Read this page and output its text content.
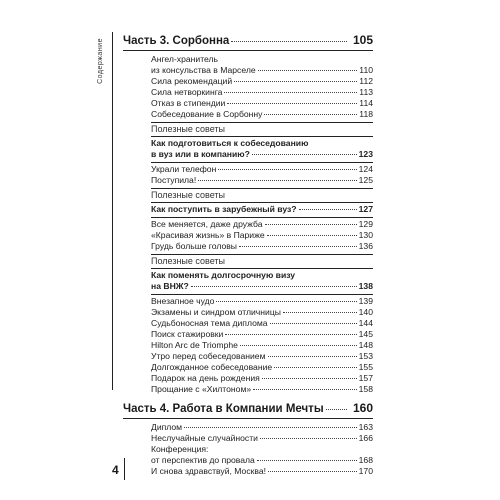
Содержание Часть 3. Сорбонна	105
Ангел-хранитель
из консульства в Марселе	110
Сила рекомендаций	112
Сила нетворкинга	113
Отказ в стипендии	114
Собеседование в Сорбонну	118
Полезные советы
Как подготовиться к собеседованию
в вуз или в компанию?	123
Украли телефон	124
Поступила!	125
Полезные советы
Как поступить в зарубежный вуз?	127
Все меняется, даже дружба	129
«Красивая жизнь» в Париже	130
Грудь больше головы	136
Полезные советы
Как поменять долгосрочную визу
на ВНЖ?	138
Внезапное чудо	139
Экзамены и синдром отличницы	140
Судьбоносная тема диплома	144
Поиск стажировки	145
Hilton Arc de Triomphe	148
Утро перед собеседованием	153
Долгожданное собеседование	155
Подарок на день рождения	157
Прощание с «Хилтоном»	158
Часть 4. Работа в Компании Мечты 160
Диплом	163
Неслучайные случайности	166
Конференция:
от перспектив до провала	168
И снова здравствуй, Москва!	170
4
